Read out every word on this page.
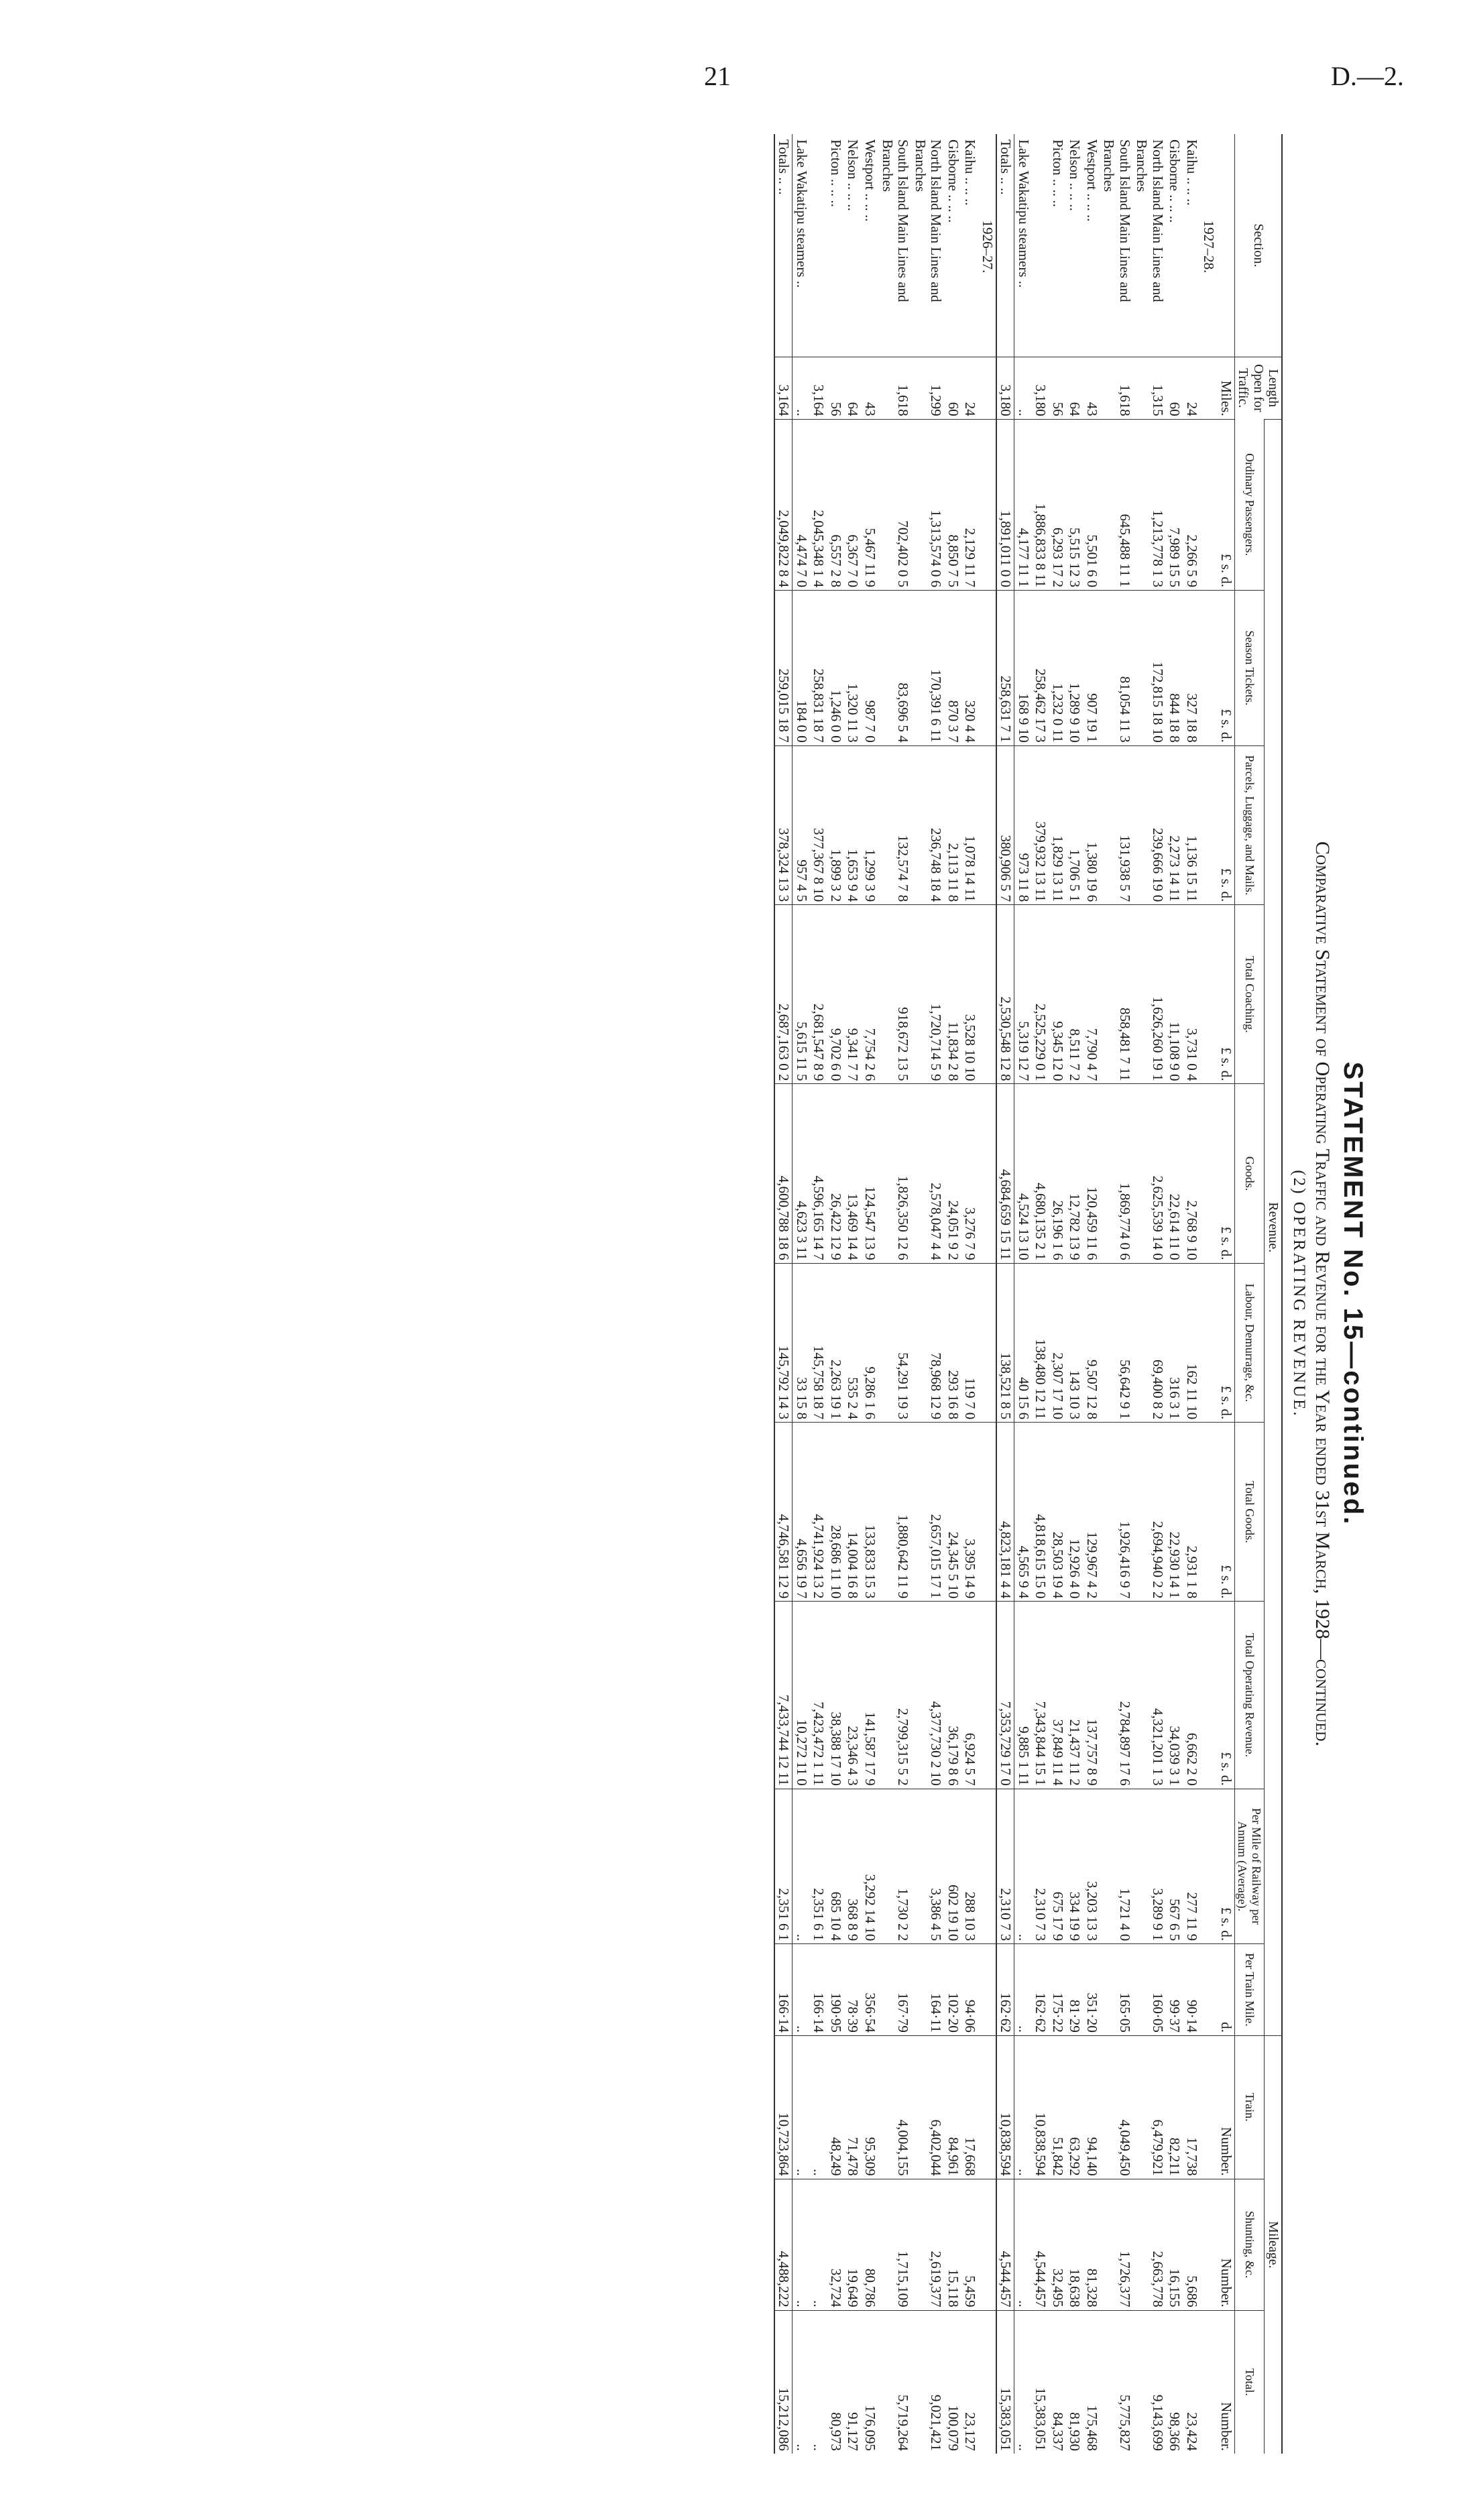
21	D.—2.
STATEMENT No. 15—continued.
Comparative Statement of Operating Traffic and Revenue for the Year ended 31st March, 1928—continued.
(2) OPERATING REVENUE.
Section.	Length Open for Traffic.	Revenue.										Mileage.		
		Ordinary Passengers.	Season Tickets.	Parcels, Luggage, and Mails.	Total Coaching.	Goods.	Labour, Demurrage, &c.	Total Goods.	Total Operating Revenue.	Per Mile of Railway per Annum (Average).	Per Train Mile.	Train.	Shunting, &c.	Total.
	Miles.	£ s. d.	£ s. d.	£ s. d.	£ s. d.	£ s. d.	£ s. d.	£ s. d.	£ s. d.	£ s. d.	d.	Number.	Number.	Number.
1927–28.														
Kaihu .. .. ..	24	2,266 5 9	327 18 8	1,136 15 11	3,731 0 4	2,768 9 10	162 11 10	2,931 1 8	6,662 2 0	277 11 9	90·14	17,738	5,686	23,424
Gisborne .. .. ..	60	7,989 15 5	844 18 8	2,273 14 11	11,108 9 0	22,614 11 0	316 3 1	22,930 14 1	34,039 3 1	567 6 5	99·37	82,211	16,155	98,366
North Island Main Lines and Branches	1,315	1,213,778 1 3	172,815 18 10	239,666 19 0	1,626,260 19 1	2,625,539 14 0	69,400 8 2	2,694,940 2 2	4,321,201 1 3	3,289 9 1	160·05	6,479,921	2,663,778	9,143,699
South Island Main Lines and Branches	1,618	645,488 11 1	81,054 11 3	131,938 5 7	858,481 7 11	1,869,774 0 6	56,642 9 1	1,926,416 9 7	2,784,897 17 6	1,721 4 0	165·05	4,049,450	1,726,377	5,775,827
Westport .. .. ..	43	5,501 6 0	907 19 1	1,380 19 6	7,790 4 7	120,459 11 6	9,507 12 8	129,967 4 2	137,757 8 9	3,203 13 3	351·20	94,140	81,328	175,468
Nelson .. .. ..	64	5,515 12 3	1,289 9 10	1,706 5 1	8,511 7 2	12,782 13 9	143 10 3	12,926 4 0	21,437 11 2	334 19 9	81·29	63,292	18,638	81,930
Picton .. .. ..	56	6,293 17 2	1,232 0 11	1,829 13 11	9,345 12 0	26,196 1 6	2,307 17 10	28,503 19 4	37,849 11 4	675 17 9	175·22	51,842	32,495	84,337
	3,180	1,886,833 8 11	258,462 17 3	379,932 13 11	2,525,229 0 1	4,680,135 2 1	138,480 12 11	4,818,615 15 0	7,343,844 15 1	2,310 7 3	162·62	10,838,594	4,544,457	15,383,051
Lake Wakatipu steamers ..	..	4,177 11 1	168 9 10	973 11 8	5,319 12 7	4,524 13 10	40 15 6	4,565 9 4	9,885 1 11	..	..	..	..	..
Totals .. ..	3,180	1,891,011 0 0	258,631 7 1	380,906 5 7	2,530,548 12 8	4,684,659 15 11	138,521 8 5	4,823,181 4 4	7,353,729 17 0	2,310 7 3	162·62	10,838,594	4,544,457	15,383,051
1926–27.														
Kaihu .. .. ..	24	2,129 11 7	320 4 4	1,078 14 11	3,528 10 10	3,276 7 9	119 7 0	3,395 14 9	6,924 5 7	288 10 3	94·06	17,668	5,459	23,127
Gisborne .. .. ..	60	8,850 7 5	870 3 7	2,113 11 8	11,834 2 8	24,051 9 2	293 16 8	24,345 5 10	36,179 8 6	602 19 10	102·20	84,961	15,118	100,079
North Island Main Lines and Branches	1,299	1,313,574 0 6	170,391 6 11	236,748 18 4	1,720,714 5 9	2,578,047 4 4	78,968 12 9	2,657,015 17 1	4,377,730 2 10	3,386 4 5	164·11	6,402,044	2,619,377	9,021,421
South Island Main Lines and Branches	1,618	702,402 0 5	83,696 5 4	132,574 7 8	918,672 13 5	1,826,350 12 6	54,291 19 3	1,880,642 11 9	2,799,315 5 2	1,730 2 2	167·79	4,004,155	1,715,109	5,719,264
Westport .. .. ..	43	5,467 11 9	987 7 0	1,299 3 9	7,754 2 6	124,547 13 9	9,286 1 6	133,833 15 3	141,587 17 9	3,292 14 10	356·54	95,309	80,786	176,095
Nelson .. .. ..	64	6,367 7 0	1,320 11 3	1,653 9 4	9,341 7 7	13,469 14 4	535 2 4	14,004 16 8	23,346 4 3	368 8 9	78·39	71,478	19,649	91,127
Picton .. .. ..	56	6,557 2 8	1,246 0 0	1,899 3 2	9,702 6 0	26,422 12 9	2,263 19 1	28,686 11 10	38,388 17 10	685 10 4	190·95	48,249	32,724	80,973
	3,164	2,045,348 1 4	258,831 18 7	377,367 8 10	2,681,547 8 9	4,596,165 14 7	145,758 18 7	4,741,924 13 2	7,423,472 1 11	2,351 6 1	166·14	..	..	..
Lake Wakatipu steamers ..	..	4,474 7 0	184 0 0	957 4 5	5,615 11 5	4,623 3 11	33 15 8	4,656 19 7	10,272 11 0	..	..	..	..	..
Totals .. ..	3,164	2,049,822 8 4	259,015 18 7	378,324 13 3	2,687,163 0 2	4,600,788 18 6	145,792 14 3	4,746,581 12 9	7,433,744 12 11	2,351 6 1	166·14	10,723,864	4,488,222	15,212,086
